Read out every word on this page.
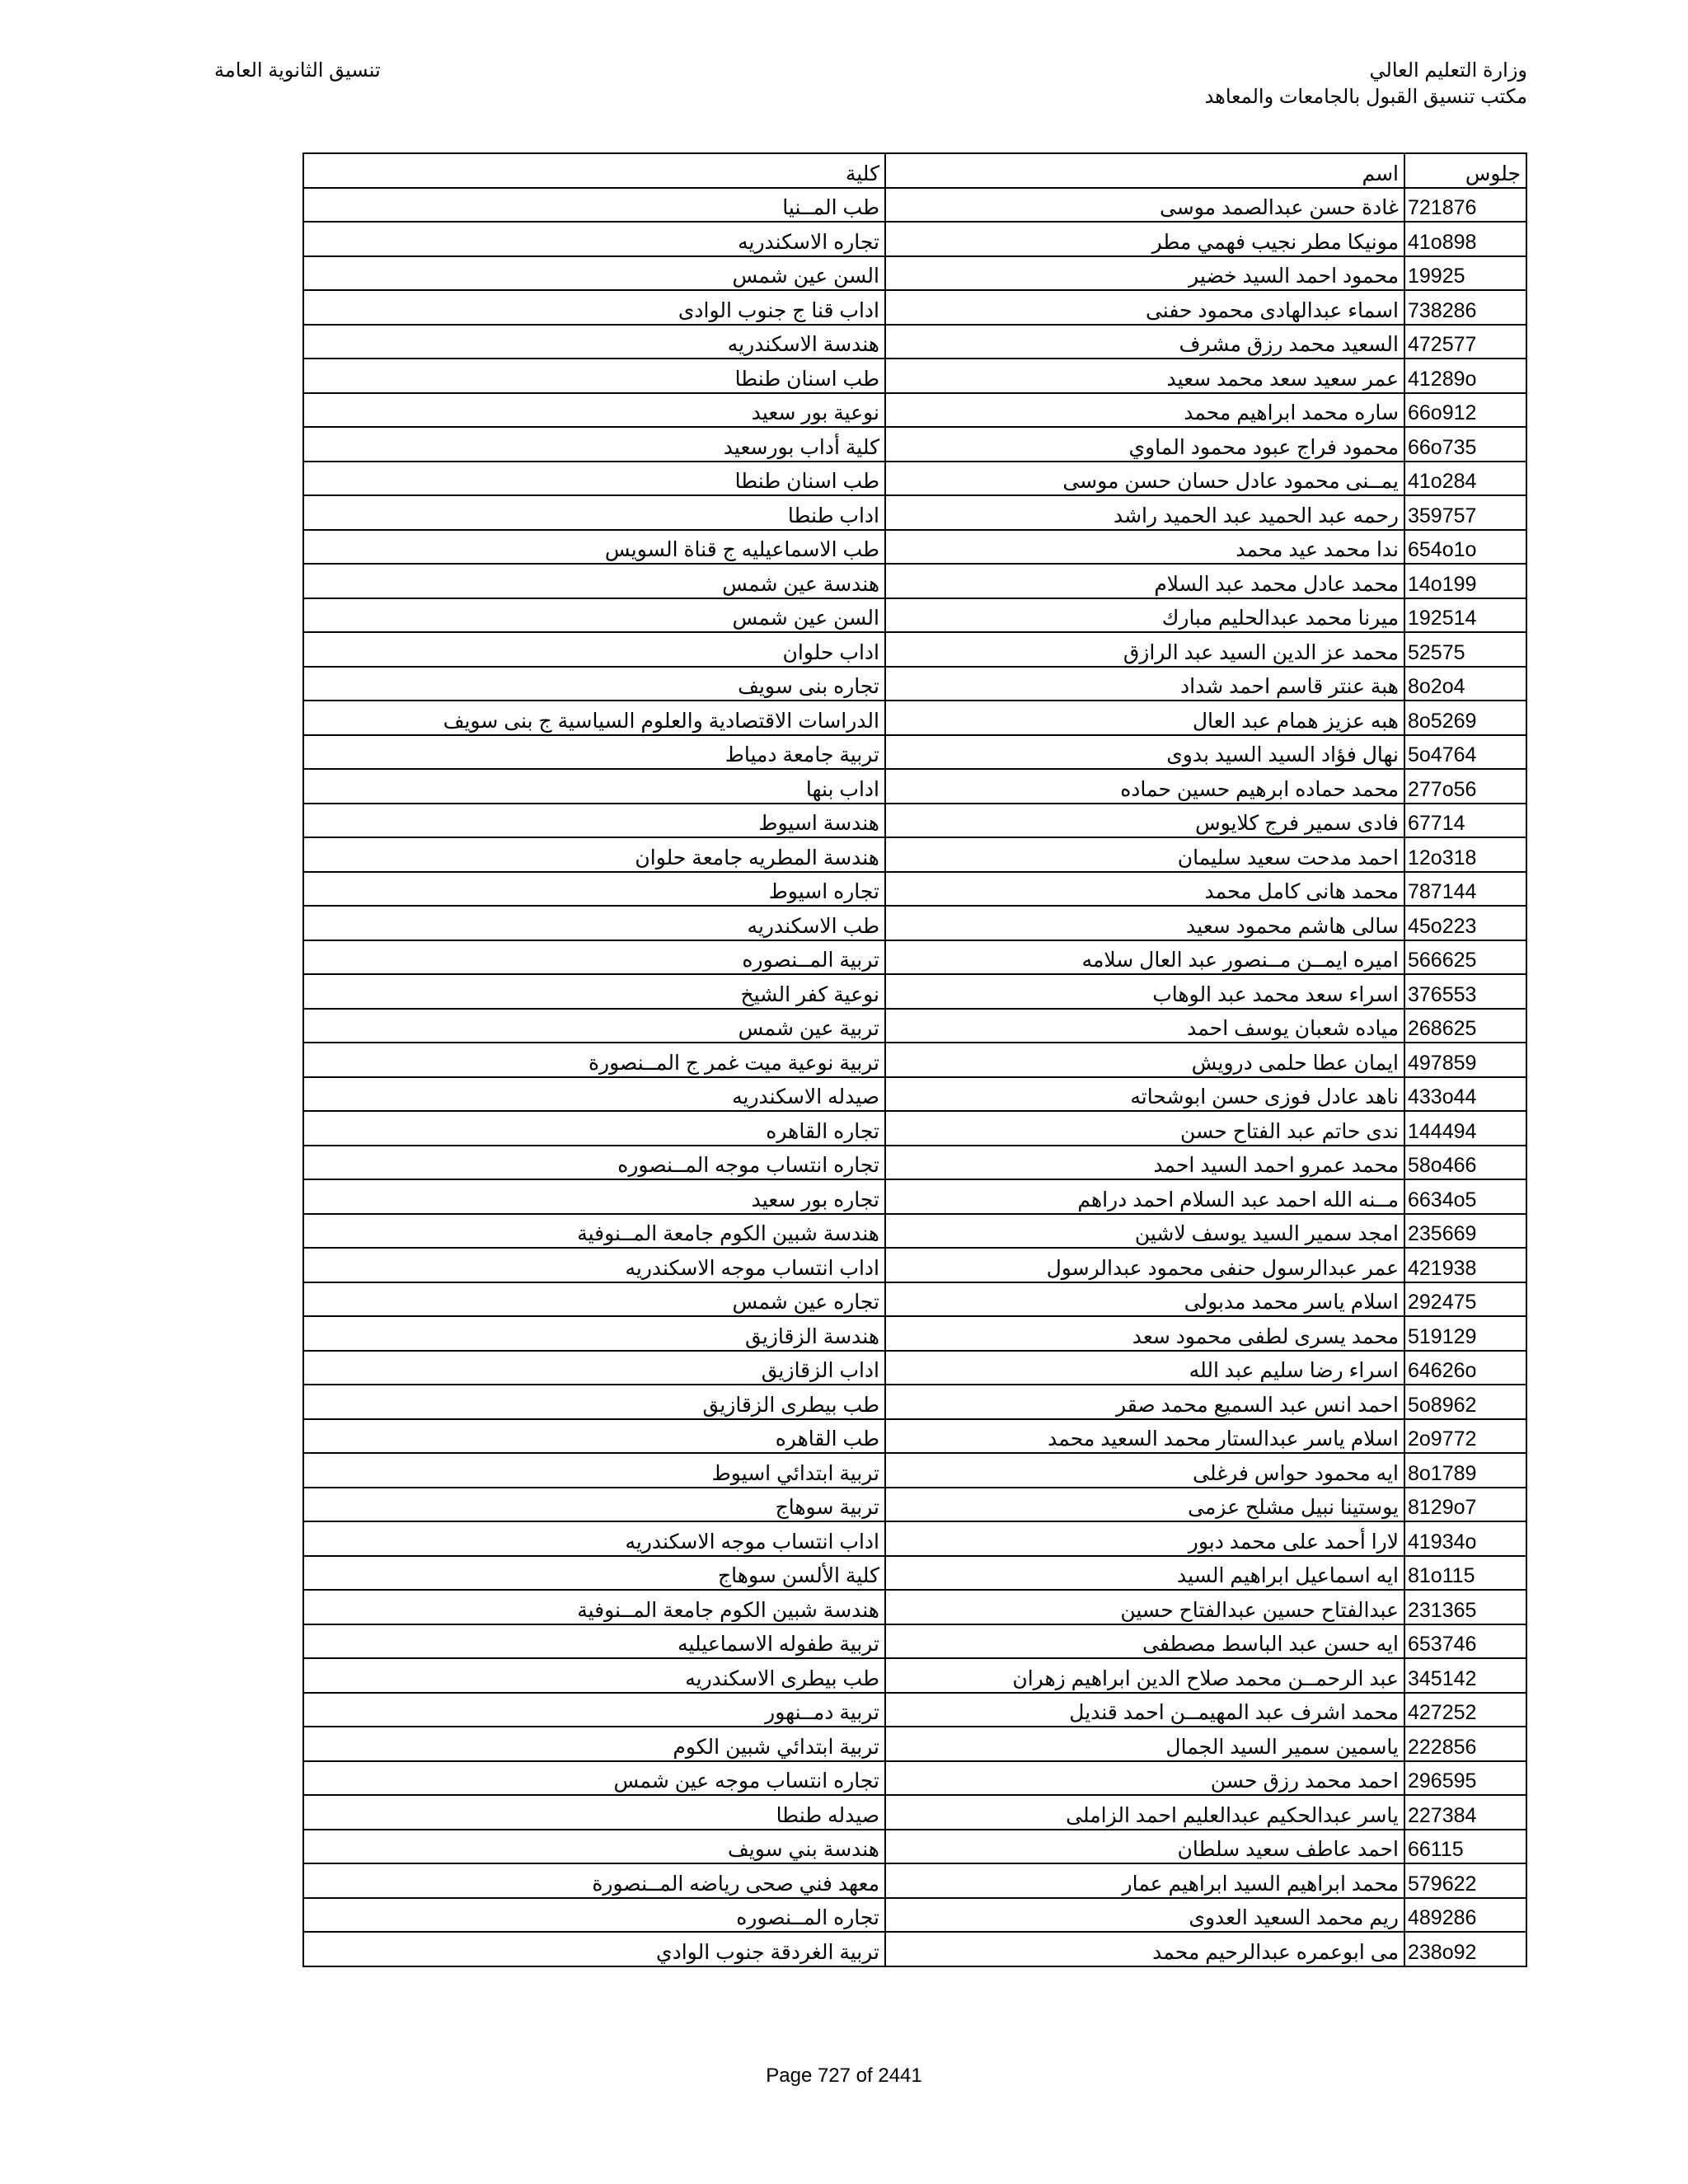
وزارة التعليم العالي
مكتب تنسيق القبول بالجامعات والمعاهد
تنسيق الثانوية العامة
جلوس	اسم	كلية
721876	غادة حسن عبدالصمد موسى	طب المــنيا
41o898	مونيكا مطر نجيب فهمي مطر	تجاره الاسكندريه
19925	محمود احمد السيد خضير	السن عين شمس
738286	اسماء عبدالهادى محمود حفنى	اداب قنا ج جنوب الوادى
472577	السعيد محمد رزق مشرف	هندسة الاسكندريه
41289o	عمر سعيد سعد محمد سعيد	طب اسنان طنطا
66o912	ساره محمد ابراهيم محمد	نوعية بور سعيد
66o735	محمود فراج عبود محمود الماوي	كلية أداب بورسعيد
41o284	يمــنى محمود عادل حسان حسن موسى	طب اسنان طنطا
359757	رحمه عبد الحميد عبد الحميد راشد	اداب طنطا
654o1o	ندا محمد عيد محمد	طب الاسماعيليه ج قناة السويس
14o199	محمد عادل محمد عبد السلام	هندسة عين شمس
192514	ميرنا محمد عبدالحليم مبارك	السن عين شمس
52575	محمد عز الدين السيد عبد الرازق	اداب حلوان
8o2o4	هبة عنتر قاسم احمد شداد	تجاره بنى سويف
8o5269	هبه عزيز همام عبد العال	الدراسات الاقتصادية والعلوم السياسية ج بنى سويف
5o4764	نهال فؤاد السيد السيد بدوى	تربية جامعة دمياط
277o56	محمد حماده ابرهيم حسين حماده	اداب بنها
67714	فادى سمير فرج كلايوس	هندسة اسيوط
12o318	احمد مدحت سعيد سليمان	هندسة المطريه جامعة حلوان
787144	محمد هانى كامل محمد	تجاره اسيوط
45o223	سالى هاشم محمود سعيد	طب الاسكندريه
566625	اميره ايمــن مــنصور عبد العال سلامه	تربية المــنصوره
376553	اسراء سعد محمد عبد الوهاب	نوعية كفر الشيخ
268625	مياده شعبان يوسف احمد	تربية عين شمس
497859	ايمان عطا حلمى درويش	تربية نوعية ميت غمر ج المــنصورة
433o44	ناهد عادل فوزى حسن ابوشحاته	صيدله الاسكندريه
144494	ندى حاتم عبد الفتاح حسن	تجاره القاهره
58o466	محمد عمرو احمد السيد احمد	تجاره انتساب موجه المــنصوره
6634o5	مــنه الله احمد عبد السلام احمد دراهم	تجاره بور سعيد
235669	امجد سمير السيد يوسف لاشين	هندسة شبين الكوم جامعة المــنوفية
421938	عمر عبدالرسول حنفى محمود عبدالرسول	اداب انتساب موجه الاسكندريه
292475	اسلام ياسر محمد مدبولى	تجاره عين شمس
519129	محمد يسرى لطفى محمود سعد	هندسة الزقازيق
64626o	اسراء رضا سليم عبد الله	اداب الزقازيق
5o8962	احمد انس عبد السميع محمد صقر	طب بيطرى الزقازيق
2o9772	اسلام ياسر عبدالستار محمد السعيد محمد	طب القاهره
8o1789	ايه محمود حواس فرغلى	تربية ابتدائي اسيوط
8129o7	يوستينا نبيل مشلح عزمى	تربية سوهاج
41934o	لارا أحمد على محمد دبور	اداب انتساب موجه الاسكندريه
81o115	ايه اسماعيل ابراهيم السيد	كلية الألسن سوهاج
231365	عبدالفتاح حسين عبدالفتاح حسين	هندسة شبين الكوم جامعة المــنوفية
653746	ايه حسن عبد الباسط مصطفى	تربية طفوله الاسماعيليه
345142	عبد الرحمــن محمد صلاح الدين ابراهيم زهران	طب بيطرى الاسكندريه
427252	محمد اشرف عبد المهيمــن احمد قنديل	تربية دمــنهور
222856	ياسمين سمير السيد الجمال	تربية ابتدائي شبين الكوم
296595	احمد محمد رزق حسن	تجاره انتساب موجه عين شمس
227384	ياسر عبدالحكيم عبدالعليم احمد الزاملى	صيدله طنطا
66115	احمد عاطف سعيد سلطان	هندسة بني سويف
579622	محمد ابراهيم السيد ابراهيم عمار	معهد فني صحى رياضه المــنصورة
489286	ريم محمد السعيد العدوى	تجاره المــنصوره
238o92	مى ابوعمره عبدالرحيم محمد	تربية الغردقة جنوب الوادي
Page 727 of 2441
